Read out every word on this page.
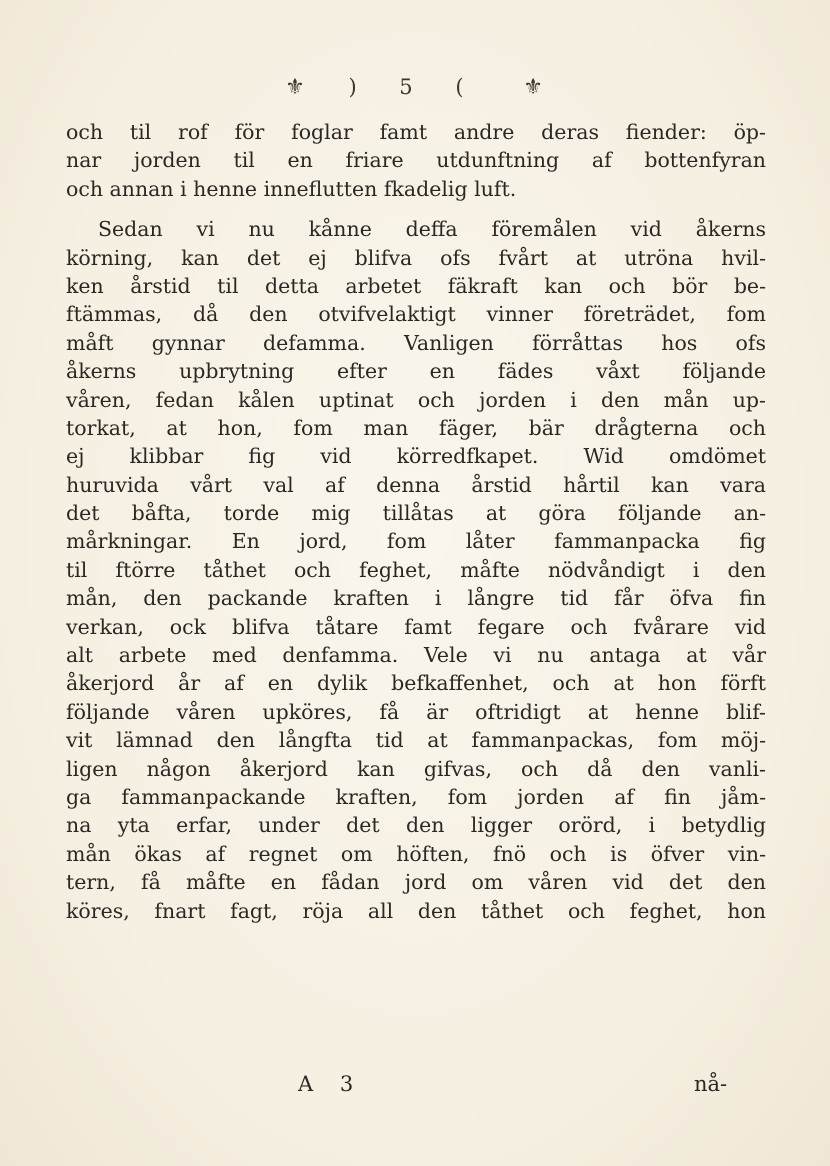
⚜ ) 5 ( ⚜
och til rof för foglar famt andre deras fiender: öp-
nar jorden til en friare utdunftning af bottenfyran
och annan i henne inneflutten fkadelig luft.
Sedan vi nu kånne deffa föremålen vid åkerns
körning, kan det ej blifva ofs fvårt at utröna hvil-
ken årstid til detta arbetet fäkraft kan och bör be-
ftämmas, då den otvifvelaktigt vinner företrädet, fom
måft gynnar defamma. Vanligen förråttas hos ofs
åkerns upbrytning efter en fädes våxt följande
våren, fedan kålen uptinat och jorden i den mån up-
torkat, at hon, fom man fäger, bär drågterna och
ej klibbar fig vid körredfkapet. Wid omdömet
huruvida vårt val af denna årstid hårtil kan vara
det båfta, torde mig tillåtas at göra följande an-
mårkningar. En jord, fom låter fammanpacka fig
til ftörre tåthet och feghet, måfte nödvåndigt i den
mån, den packande kraften i långre tid får öfva fin
verkan, ock blifva tåtare famt fegare och fvårare vid
alt arbete med denfamma. Vele vi nu antaga at vår
åkerjord år af en dylik befkaffenhet, och at hon förft
följande våren upköres, få är oftridigt at henne blif-
vit lämnad den långfta tid at fammanpackas, fom möj-
ligen någon åkerjord kan gifvas, och då den vanli-
ga fammanpackande kraften, fom jorden af fin jåm-
na yta erfar, under det den ligger orörd, i betydlig
mån ökas af regnet om höften, fnö och is öfver vin-
tern, få måfte en fådan jord om våren vid det den
köres, fnart fagt, röja all den tåthet och feghet, hon
A 3	nå-
